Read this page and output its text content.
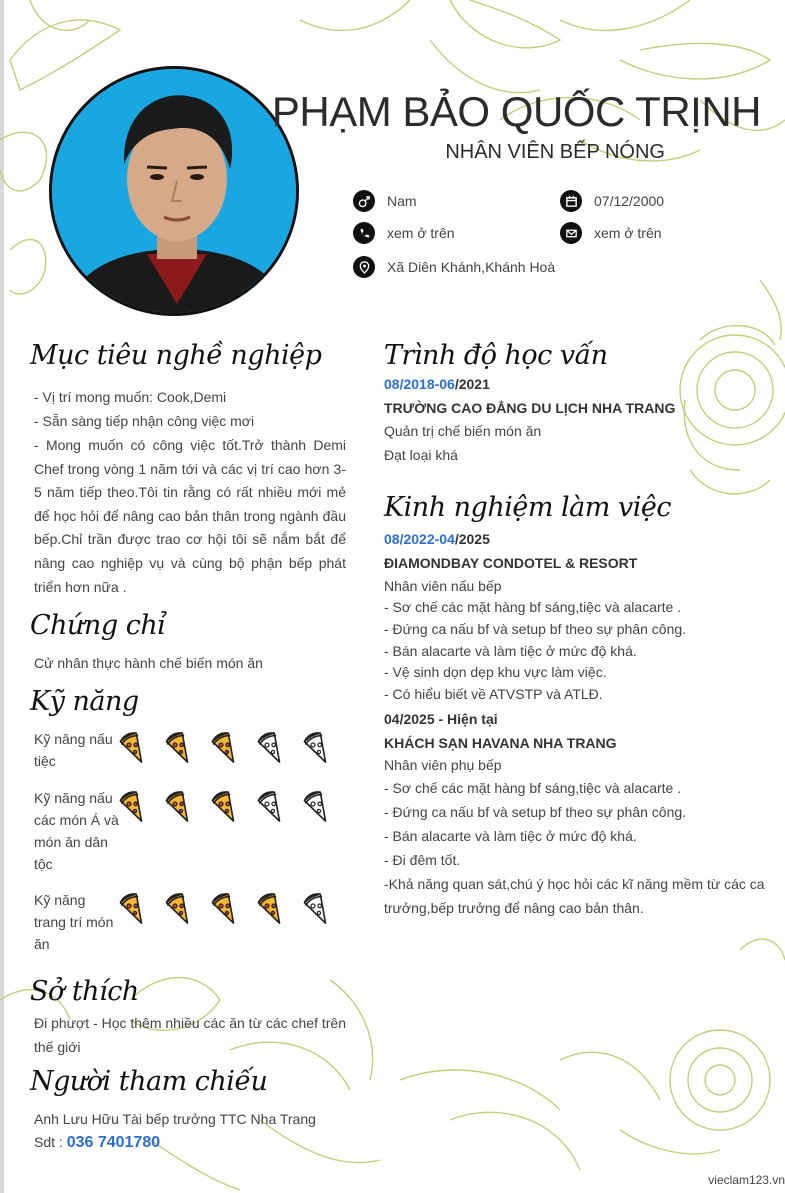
PHẠM BẢO QUỐC TRỊNH
NHÂN VIÊN BẾP NÓNG
Nam	07/12/2000
xem ở trên	xem ở trên
Xã Diên Khánh,Khánh Hoà
Mục tiêu nghề nghiệp
- Vị trí mong muốn: Cook,Demi
- Sẵn sàng tiếp nhận công việc mơi
- Mong muốn có công việc tốt.Trở thành Demi Chef trong vòng 1 năm tới và các vị trí cao hơn 3-5 năm tiếp theo.Tôi tin rằng có rất nhiều mới mẻ để học hỏi để nâng cao bản thân trong ngành đầu bếp.Chỉ trần được trao cơ hội tôi sẽ nắm bắt để nâng cao nghiệp vụ và cùng bộ phận bếp phát triển hơn nữa .
Chứng chỉ
Cử nhân thực hành chế biến món ăn
Kỹ năng
Kỹ năng nấu tiệc
Kỹ năng nấu các món Á và món ăn dân tộc
Kỹ năng trang trí món ăn
Sở thích
Đi phượt - Học thêm nhiều các ăn từ các chef trên thế giới
Người tham chiếu
Anh Lưu Hữu Tài bếp trưởng TTC Nha Trang
Sdt : 036 7401780
Trình độ học vấn
08/2018-06/2021
TRƯỜNG CAO ĐẲNG DU LỊCH NHA TRANG
Quản trị chế biến món ăn
Đạt loại khá
Kinh nghiệm làm việc
08/2022-04/2025
ĐIAMONDBAY CONDOTEL & RESORT
Nhân viên nấu bếp
- Sơ chế các mặt hàng bf sáng,tiệc và alacarte .
- Đứng ca nấu bf và setup bf theo sự phân công.
- Bán alacarte và làm tiệc ở mức độ khá.
- Vệ sinh dọn dẹp khu vực làm việc.
- Có hiểu biết về ATVSTP và ATLĐ.
04/2025 - Hiện tại
KHÁCH SẠN HAVANA NHA TRANG
Nhân viên phụ bếp
- Sơ chế các mặt hàng bf sáng,tiệc và alacarte .
- Đứng ca nấu bf và setup bf theo sự phân công.
- Bán alacarte và làm tiệc ở mức độ khá.
- Đi đêm tốt.
-Khả năng quan sát,chú ý học hỏi các kĩ năng mềm từ các ca trưởng,bếp trưởng để nâng cao bản thân.
vieclam123.vn
